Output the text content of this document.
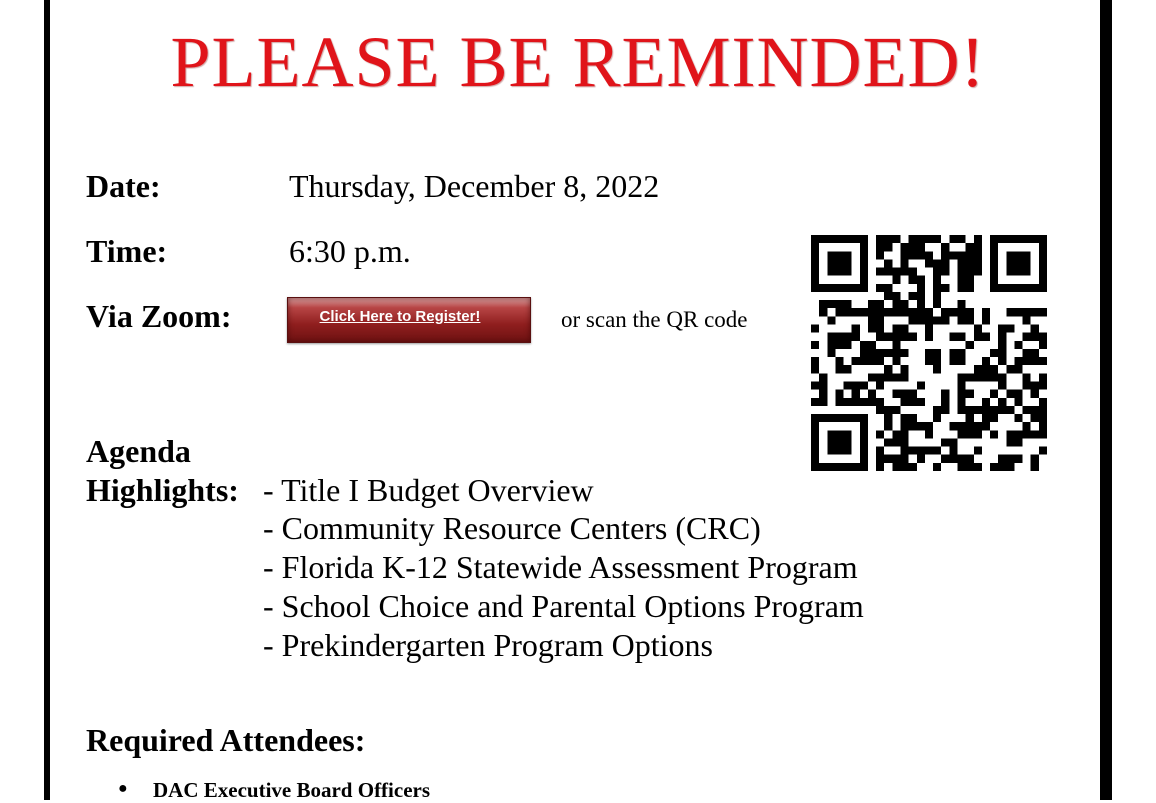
PLEASE BE REMINDED!
Date:	Thursday, December 8, 2022
Time:	6:30 p.m.
Via Zoom:	Click Here to Register!	or scan the QR code
Agenda
Highlights: - Title I Budget Overview
- Community Resource Centers (CRC)
- Florida K-12 Statewide Assessment Program
- School Choice and Parental Options Program
- Prekindergarten Program Options
Required Attendees:
● DAC Executive Board Officers
